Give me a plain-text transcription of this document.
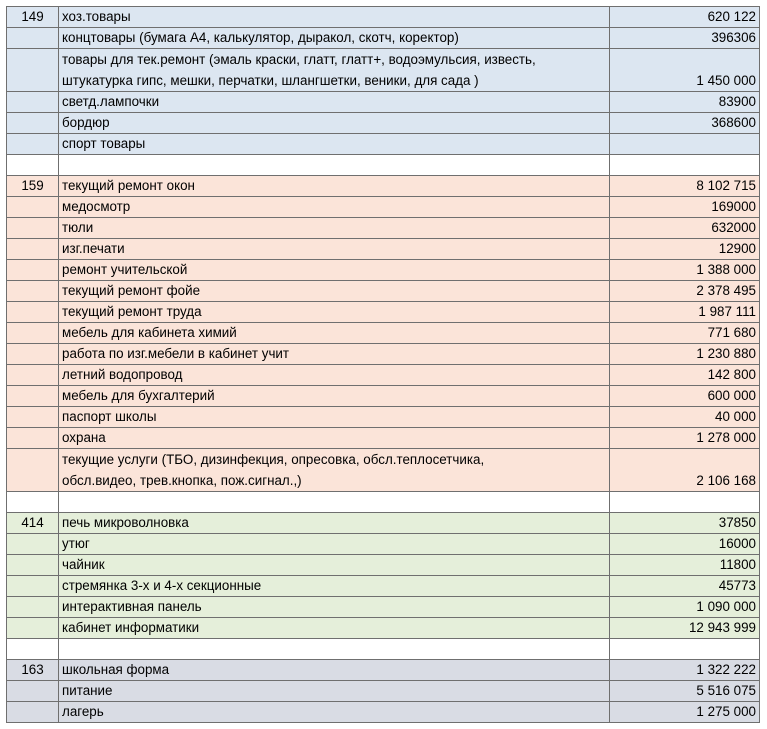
149	хоз.товары	620 122
	концтовары (бумага А4, калькулятор, дыракол, скотч, коректор)	396306

	товары для тек.ремонт (эмаль краски, глатт, глатт+, водоэмульсия, известь,
штукатурка гипс, мешки, перчатки, шлангшетки, веники, для сада )	1 450 000
	светд.лампочки	83900
	бордюр	368600
	спорт товары	

159	текущий ремонт окон	8 102 715
	медосмотр	169000
	тюли	632000
	изг.печати	12900
	ремонт учительской	1 388 000
	текущий ремонт фойе	2 378 495
	текущий ремонт труда	1 987 111
	мебель для кабинета химий	771 680
	работа по изг.мебели в кабинет учит	1 230 880
	летний водопровод	142 800
	мебель для бухгалтерий	600 000
	паспорт школы	40 000
	охрана	1 278 000

	текущие услуги (ТБО, дизинфекция, опресовка, обсл.теплосетчика,
обсл.видео, трев.кнопка, пож.сигнал.,)	2 106 168

414	печь микроволновка	37850
	утюг	16000
	чайник	11800
	стремянка 3-х и 4-х секционные	45773
	интерактивная панель	1 090 000
	кабинет информатики	12 943 999

163	школьная форма	1 322 222
	питание	5 516 075
	лагерь	1 275 000
